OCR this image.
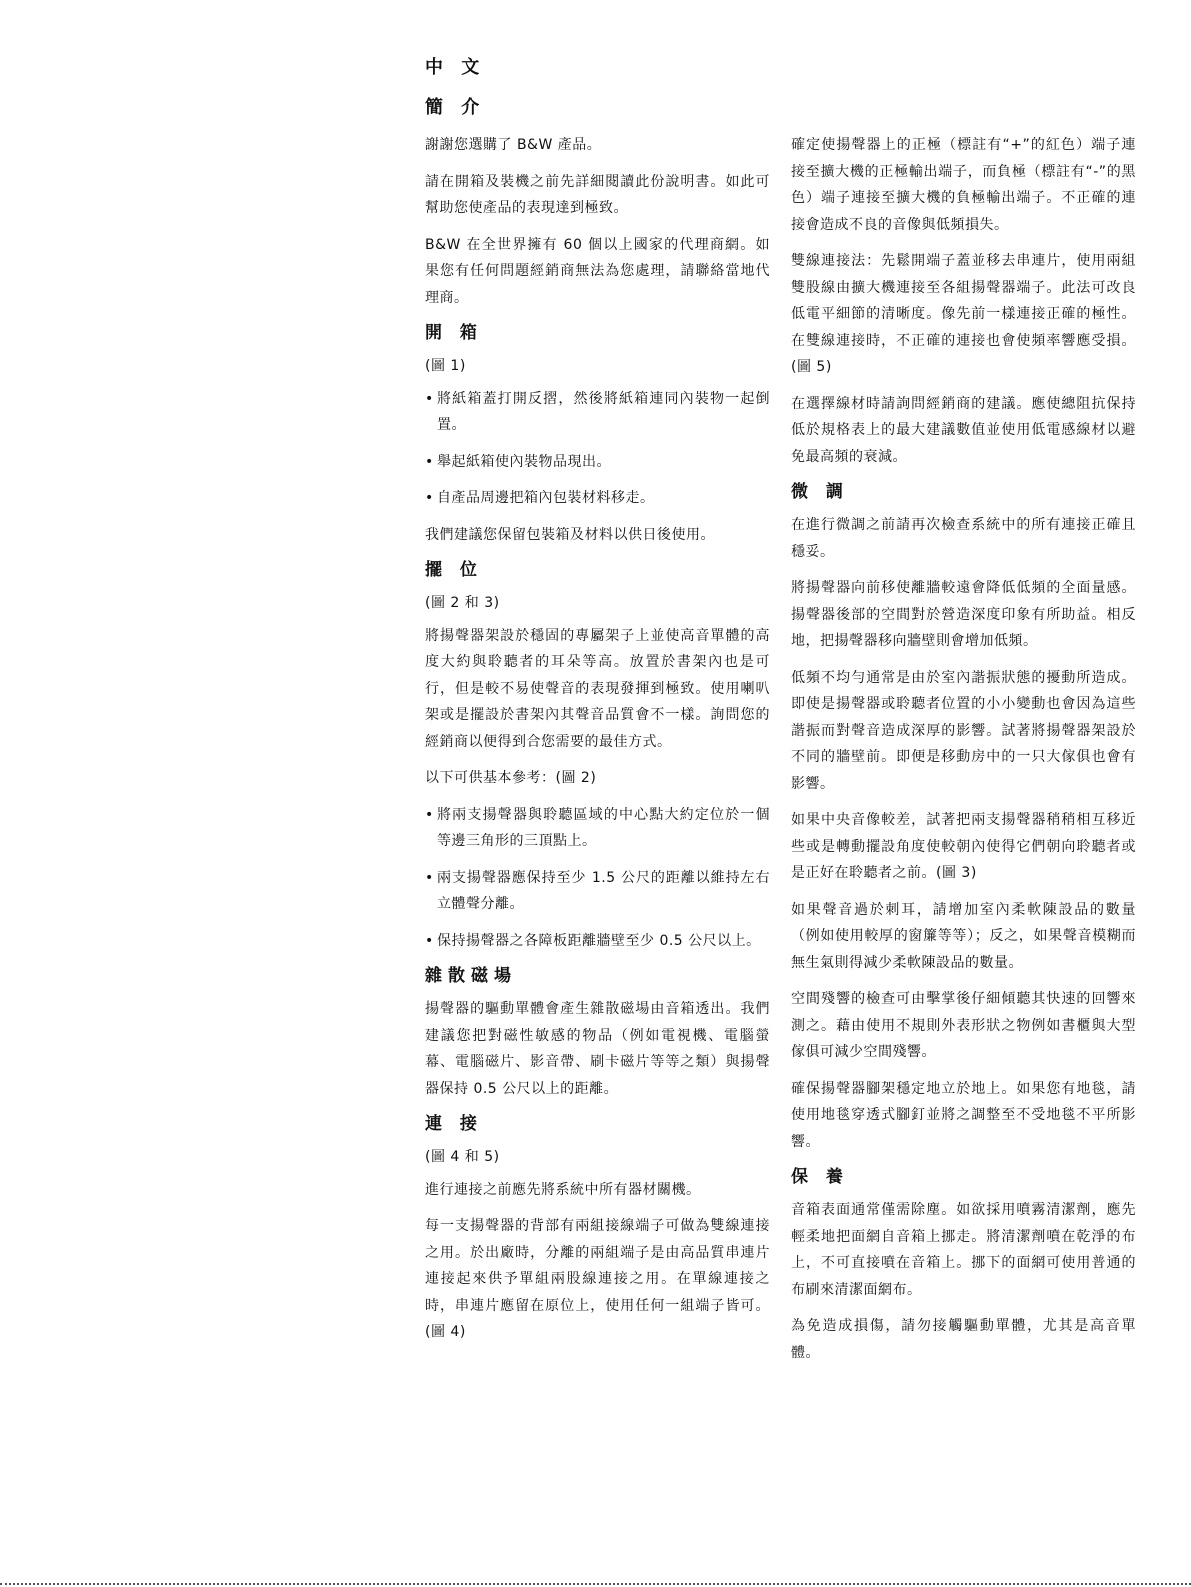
中 文
簡 介

謝謝您選購了 B&W 產品。

請在開箱及裝機之前先詳細閱讀此份說明書。如此可幫助您使產品的表現達到極致。

B&W 在全世界擁有 60 個以上國家的代理商網。如果您有任何問題經銷商無法為您處理，請聯絡當地代理商。

開 箱

(圖 1)

• 將紙箱蓋打開反摺，然後將紙箱連同內裝物一起倒置。
• 舉起紙箱使內裝物品現出。
• 自產品周邊把箱內包裝材料移走。

我們建議您保留包裝箱及材料以供日後使用。

擺 位

(圖 2 和 3)

將揚聲器架設於穩固的專屬架子上並使高音單體的高度大約與聆聽者的耳朵等高。放置於書架內也是可行，但是較不易使聲音的表現發揮到極致。使用喇叭架或是擺設於書架內其聲音品質會不一樣。詢問您的經銷商以便得到合您需要的最佳方式。

以下可供基本參考：(圖 2)

• 將兩支揚聲器與聆聽區域的中心點大約定位於一個等邊三角形的三頂點上。
• 兩支揚聲器應保持至少 1.5 公尺的距離以維持左右立體聲分離。
• 保持揚聲器之各障板距離牆壁至少 0.5 公尺以上。
雜散磁場

揚聲器的驅動單體會產生雜散磁場由音箱透出。我們建議您把對磁性敏感的物品（例如電視機、電腦螢幕、電腦磁片、影音帶、刷卡磁片等等之類）與揚聲器保持 0.5 公尺以上的距離。

連 接

(圖 4 和 5)

進行連接之前應先將系統中所有器材關機。

每一支揚聲器的背部有兩組接線端子可做為雙線連接之用。於出廠時，分離的兩組端子是由高品質串連片連接起來供予單組兩股線連接之用。在單線連接之時，串連片應留在原位上，使用任何一組端子皆可。(圖 4)

確定使揚聲器上的正極（標註有“+”的紅色）端子連接至擴大機的正極輸出端子，而負極（標註有“-”的黑色）端子連接至擴大機的負極輸出端子。不正確的連接會造成不良的音像與低頻損失。

雙線連接法：先鬆開端子蓋並移去串連片，使用兩組雙股線由擴大機連接至各組揚聲器端子。此法可改良低電平細節的清晰度。像先前一樣連接正確的極性。在雙線連接時，不正確的連接也會使頻率響應受損。(圖 5)

在選擇線材時請詢問經銷商的建議。應使總阻抗保持低於規格表上的最大建議數值並使用低電感線材以避免最高頻的衰減。

微 調

在進行微調之前請再次檢查系統中的所有連接正確且穩妥。

將揚聲器向前移使離牆較遠會降低低頻的全面量感。揚聲器後部的空間對於營造深度印象有所助益。相反地，把揚聲器移向牆壁則會增加低頻。

低頻不均勻通常是由於室內諧振狀態的擾動所造成。即使是揚聲器或聆聽者位置的小小變動也會因為這些諧振而對聲音造成深厚的影響。試著將揚聲器架設於不同的牆壁前。即便是移動房中的一只大傢俱也會有影響。

如果中央音像較差，試著把兩支揚聲器稍稍相互移近些或是轉動擺設角度使較朝內使得它們朝向聆聽者或是正好在聆聽者之前。(圖 3)

如果聲音過於刺耳，請增加室內柔軟陳設品的數量（例如使用較厚的窗簾等等）；反之，如果聲音模糊而無生氣則得減少柔軟陳設品的數量。

空間殘響的檢查可由擊掌後仔細傾聽其快速的回響來測之。藉由使用不規則外表形狀之物例如書櫃與大型傢俱可減少空間殘響。

確保揚聲器腳架穩定地立於地上。如果您有地毯，請使用地毯穿透式腳釘並將之調整至不受地毯不平所影響。

保 養

音箱表面通常僅需除塵。如欲採用噴霧清潔劑，應先輕柔地把面網自音箱上挪走。將清潔劑噴在乾淨的布上，不可直接噴在音箱上。挪下的面網可使用普通的布刷來清潔面網布。

為免造成損傷，請勿接觸驅動單體，尤其是高音單體。
